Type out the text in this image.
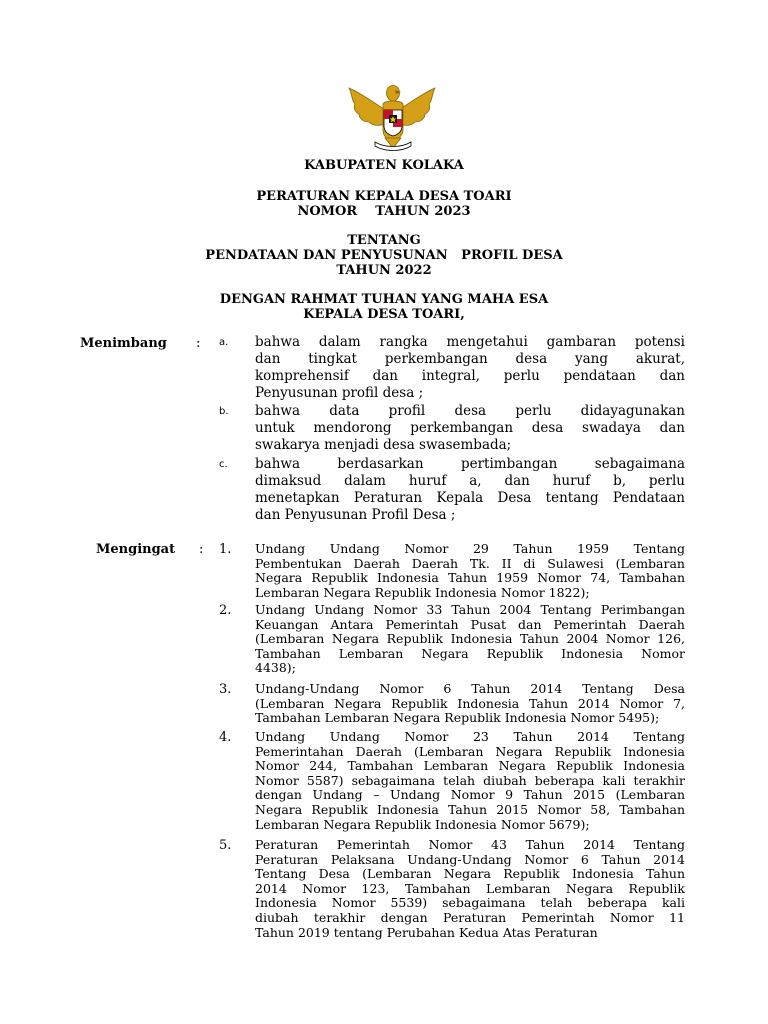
KABUPATEN KOLAKA
PERATURAN KEPALA DESA TOARI
NOMOR    TAHUN 2023
TENTANG
PENDATAAN DAN PENYUSUNAN   PROFIL DESA
TAHUN 2022
DENGAN RAHMAT TUHAN YANG MAHA ESA
KEPALA DESA TOARI,
Menimbang : a. bahwa dalam rangka mengetahui gambaran potensi
dan tingkat perkembangan desa yang akurat,
komprehensif dan integral, perlu pendataan dan
Penyusunan profil desa ;
b. bahwa data profil desa perlu didayagunakan
untuk mendorong perkembangan desa swadaya dan
swakarya menjadi desa swasembada;
c. bahwa berdasarkan pertimbangan sebagaimana
dimaksud dalam huruf a, dan huruf b, perlu
menetapkan Peraturan Kepala Desa tentang Pendataan
dan Penyusunan Profil Desa ;
Mengingat : 1. Undang Undang Nomor 29 Tahun 1959 Tentang
Pembentukan Daerah Daerah Tk. II di Sulawesi (Lembaran
Negara Republik Indonesia Tahun 1959 Nomor 74, Tambahan
Lembaran Negara Republik Indonesia Nomor 1822);
2. Undang Undang Nomor 33 Tahun 2004 Tentang Perimbangan
Keuangan Antara Pemerintah Pusat dan Pemerintah Daerah
(Lembaran Negara Republik Indonesia Tahun 2004 Nomor 126,
Tambahan Lembaran Negara Republik Indonesia Nomor
4438);
3. Undang-Undang Nomor 6 Tahun 2014 Tentang Desa
(Lembaran Negara Republik Indonesia Tahun 2014 Nomor 7,
Tambahan Lembaran Negara Republik Indonesia Nomor 5495);
4. Undang Undang Nomor 23 Tahun 2014 Tentang
Pemerintahan Daerah (Lembaran Negara Republik Indonesia
Nomor 244, Tambahan Lembaran Negara Republik Indonesia
Nomor 5587) sebagaimana telah diubah beberapa kali terakhir
dengan Undang – Undang Nomor 9 Tahun 2015 (Lembaran
Negara Republik Indonesia Tahun 2015 Nomor 58, Tambahan
Lembaran Negara Republik Indonesia Nomor 5679);
5. Peraturan Pemerintah Nomor 43 Tahun 2014 Tentang
Peraturan Pelaksana Undang-Undang Nomor 6 Tahun 2014
Tentang Desa (Lembaran Negara Republik Indonesia Tahun
2014 Nomor 123, Tambahan Lembaran Negara Republik
Indonesia Nomor 5539) sebagaimana telah beberapa kali
diubah terakhir dengan Peraturan Pemerintah Nomor 11
Tahun 2019 tentang Perubahan Kedua Atas Peraturan
